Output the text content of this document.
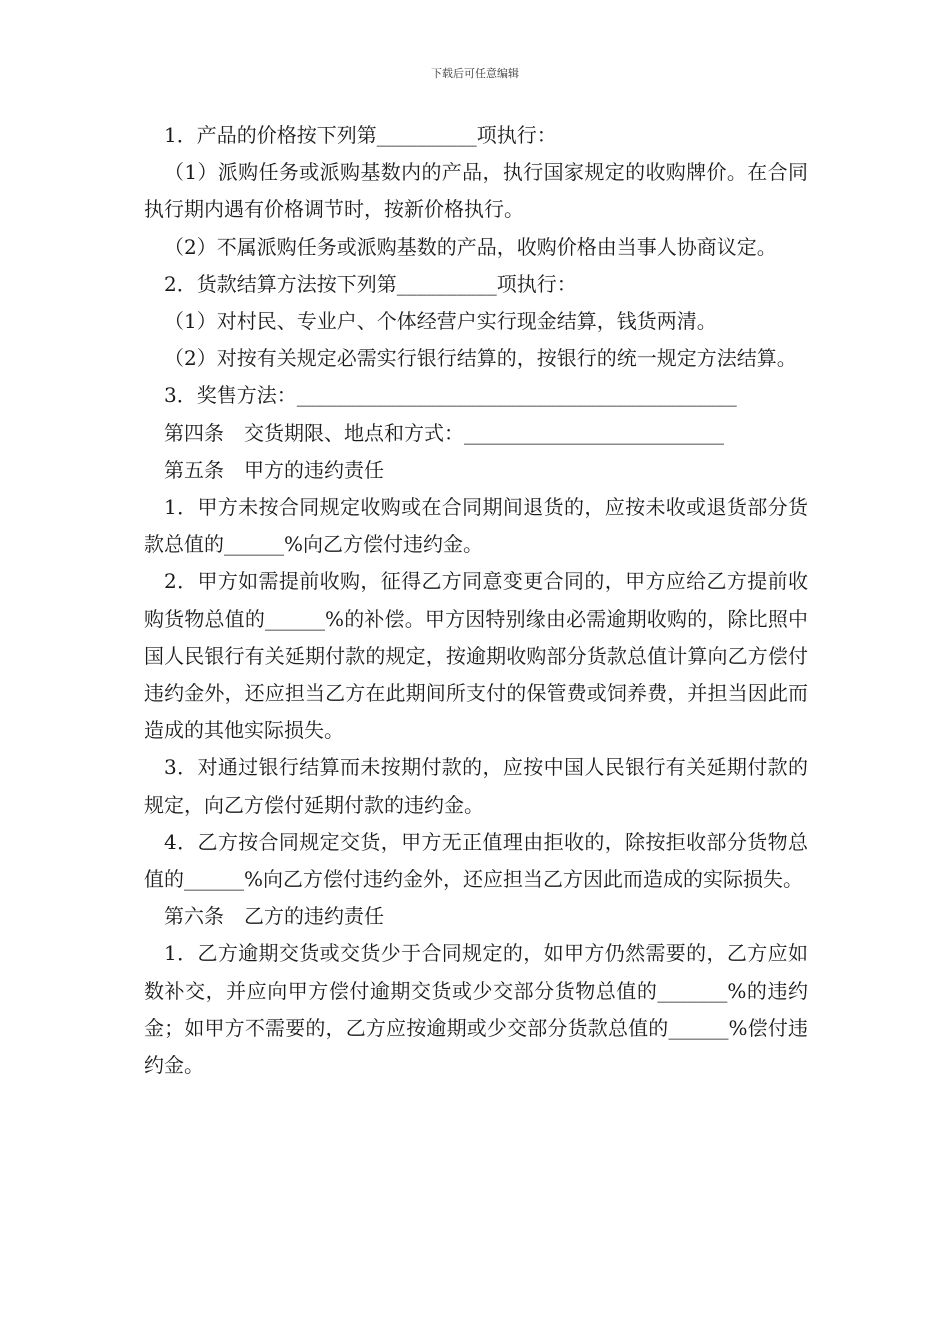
下载后可任意编辑

1．产品的价格按下列第__________项执行：

（1）派购任务或派购基数内的产品，执行国家规定的收购牌价。在合同执行期内遇有价格调节时，按新价格执行。

（2）不属派购任务或派购基数的产品，收购价格由当事人协商议定。

2．货款结算方法按下列第__________项执行：

（1）对村民、专业户、个体经营户实行现金结算，钱货两清。

（2）对按有关规定必需实行银行结算的，按银行的统一规定方法结算。

3．奖售方法：____________________________________________

第四条　交货期限、地点和方式：__________________________

第五条　甲方的违约责任

1．甲方未按合同规定收购或在合同期间退货的，应按未收或退货部分货款总值的______%向乙方偿付违约金。

2．甲方如需提前收购，征得乙方同意变更合同的，甲方应给乙方提前收购货物总值的______%的补偿。甲方因特别缘由必需逾期收购的，除比照中国人民银行有关延期付款的规定，按逾期收购部分货款总值计算向乙方偿付违约金外，还应担当乙方在此期间所支付的保管费或饲养费，并担当因此而造成的其他实际损失。

3．对通过银行结算而未按期付款的，应按中国人民银行有关延期付款的规定，向乙方偿付延期付款的违约金。

4．乙方按合同规定交货，甲方无正值理由拒收的，除按拒收部分货物总值的______%向乙方偿付违约金外，还应担当乙方因此而造成的实际损失。

第六条　乙方的违约责任

1．乙方逾期交货或交货少于合同规定的，如甲方仍然需要的，乙方应如数补交，并应向甲方偿付逾期交货或少交部分货物总值的_______%的违约金；如甲方不需要的，乙方应按逾期或少交部分货款总值的______%偿付违约金。
